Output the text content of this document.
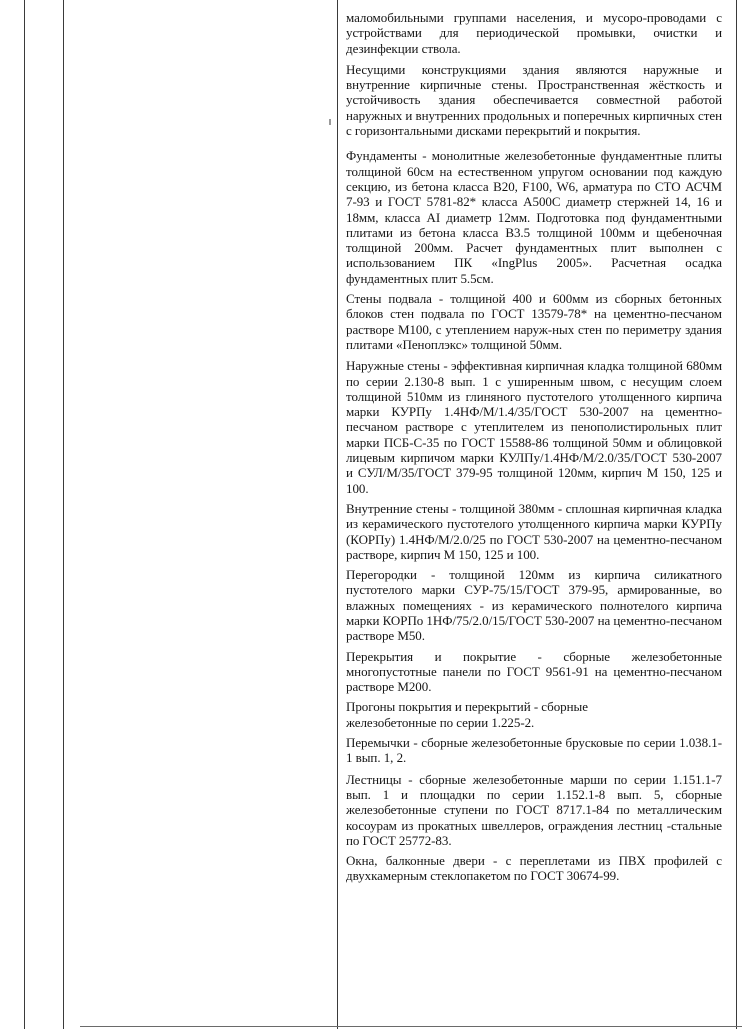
маломобильными группами населения, и мусоро-проводами с устройствами для периодической промывки, очистки и дезинфекции ствола.

Несущими конструкциями здания являются наружные и внутренние кирпичные стены. Пространственная жёсткость и устойчивость здания обеспечивается совместной работой наружных и внутренних продольных и поперечных кирпичных стен с горизонтальными дисками перекрытий и покрытия.

Фундаменты - монолитные железобетонные фундаментные плиты толщиной 60см на естественном упругом основании под каждую секцию, из бетона класса В20, F100, W6, арматура по СТО АСЧМ 7-93 и ГОСТ 5781-82* класса А500С диаметр стержней 14, 16 и 18мм, класса AI диаметр 12мм. Подготовка под фундаментными плитами из бетона класса В3.5 толщиной 100мм и щебеночная толщиной 200мм. Расчет фундаментных плит выполнен с использованием ПК «IngPlus 2005». Расчетная осадка фундаментных плит 5.5см.

Стены подвала - толщиной 400 и 600мм из сборных бетонных блоков стен подвала по ГОСТ 13579-78* на цементно-песчаном растворе М100, с утеплением наруж-ных стен по периметру здания плитами «Пеноплэкс» толщиной 50мм.

Наружные стены - эффективная кирпичная кладка толщиной 680мм по серии 2.130-8 вып. 1 с уширенным швом, с несущим слоем толщиной 510мм из глиняного пустотелого утолщенного кирпича марки КУРПу 1.4НФ/М/1.4/35/ГОСТ 530-2007 на цементно-песчаном растворе с утеплителем из пенополистирольных плит марки ПСБ-С-35 по ГОСТ 15588-86 толщиной 50мм и облицовкой лицевым кирпичом марки КУЛПу/1.4НФ/М/2.0/35/ГОСТ 530-2007 и СУЛ/М/35/ГОСТ 379-95 толщиной 120мм, кирпич М 150, 125 и 100.

Внутренние стены - толщиной 380мм - сплошная кирпичная кладка из керамического пустотелого утолщенного кирпича марки КУРПу (КОРПу) 1.4НФ/М/2.0/25 по ГОСТ 530-2007 на цементно-песчаном растворе, кирпич М 150, 125 и 100.

Перегородки - толщиной 120мм из кирпича силикатного пустотелого марки СУР-75/15/ГОСТ 379-95, армированные, во влажных помещениях - из керамического полнотелого кирпича марки КОРПо 1НФ/75/2.0/15/ГОСТ 530-2007 на цементно-песчаном растворе М50.

Перекрытия и покрытие - сборные железобетонные многопустотные панели по ГОСТ 9561-91 на цементно-песчаном растворе М200.

Прогоны покрытия и перекрытий - сборные железобетонные по серии 1.225-2.

Перемычки - сборные железобетонные брусковые по серии 1.038.1-1 вып. 1, 2.

Лестницы - сборные железобетонные марши по серии 1.151.1-7 вып. 1 и площадки по серии 1.152.1-8 вып. 5, сборные железобетонные ступени по ГОСТ 8717.1-84 по металлическим косоурам из прокатных швеллеров, ограждения лестниц -стальные по ГОСТ 25772-83.

Окна, балконные двери - с переплетами из ПВХ профилей с двухкамерным стеклопакетом по ГОСТ 30674-99.
